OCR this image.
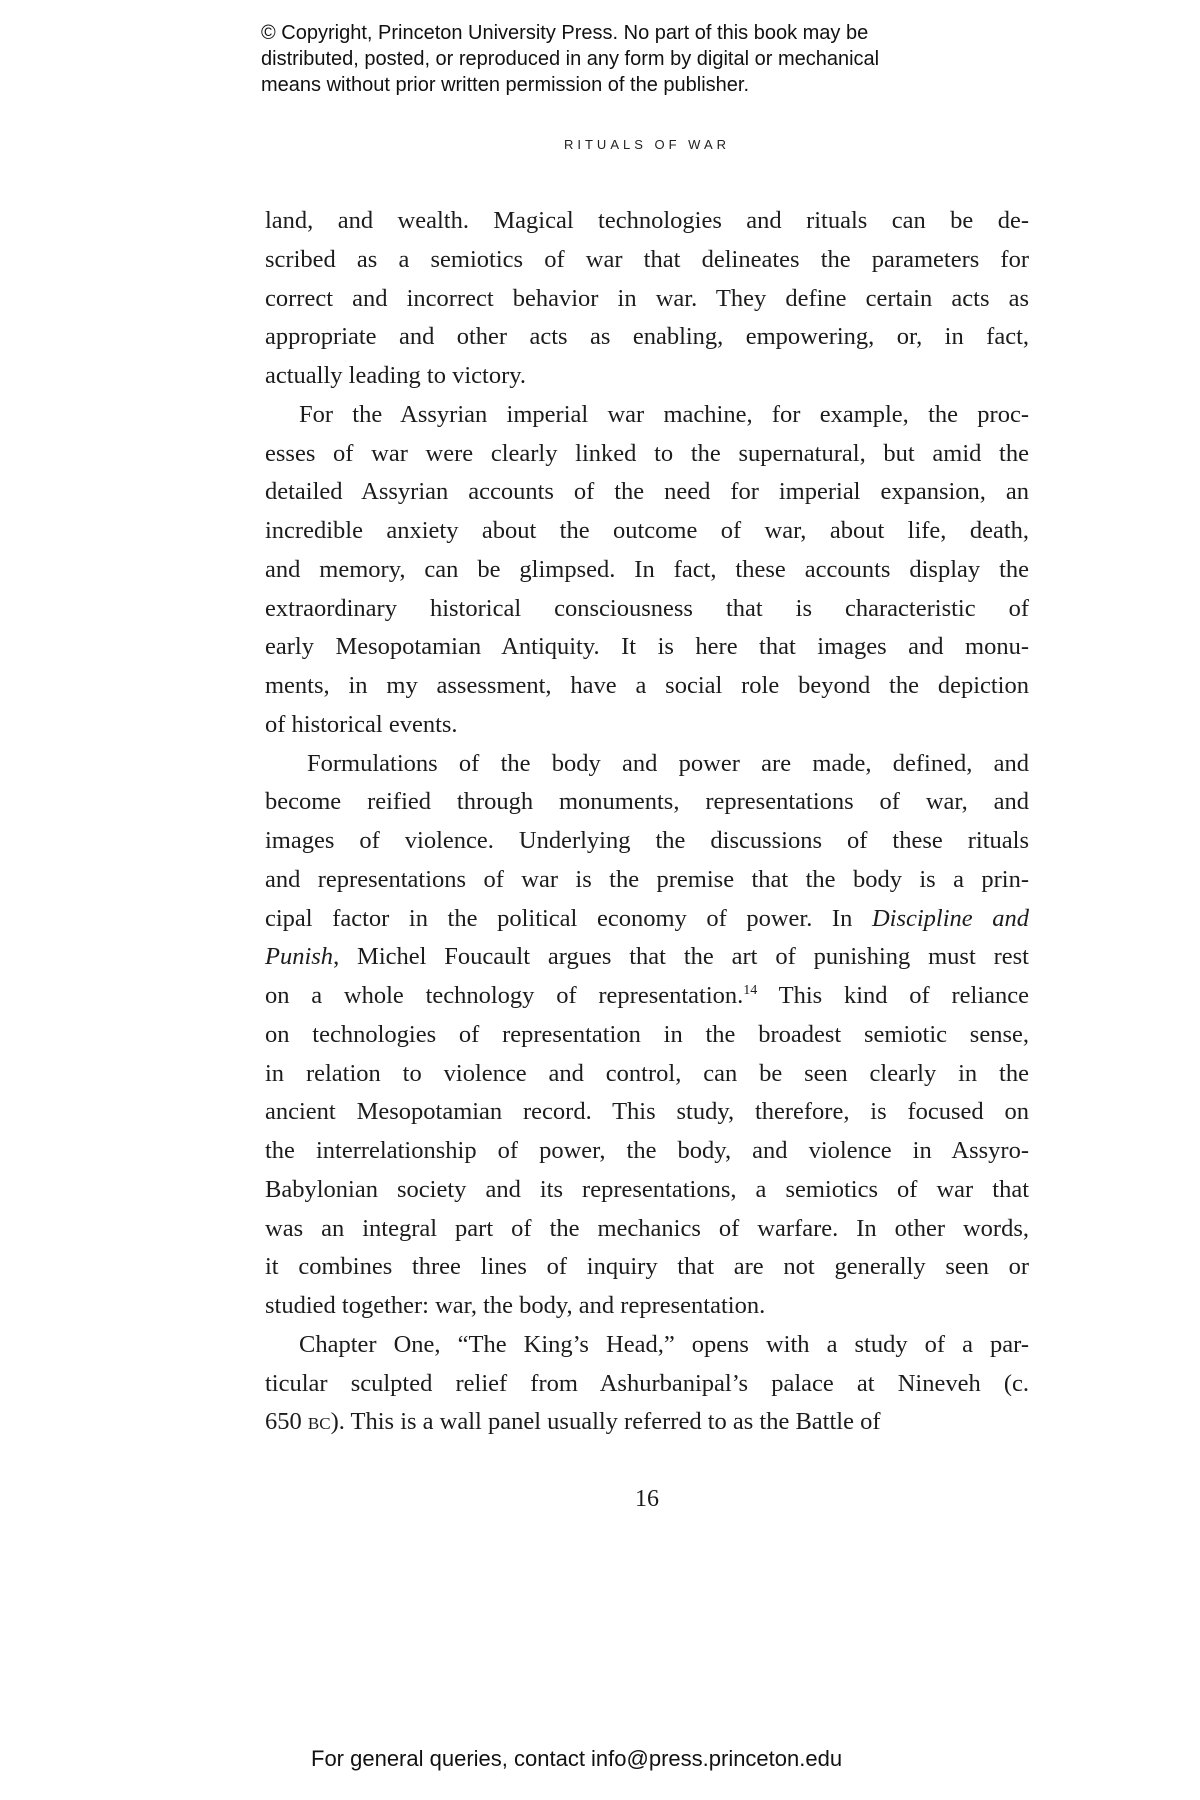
© Copyright, Princeton University Press. No part of this book may be
distributed, posted, or reproduced in any form by digital or mechanical
means without prior written permission of the publisher.
RITUALS OF WAR
land, and wealth. Magical technologies and rituals can be de-
scribed as a semiotics of war that delineates the parameters for
correct and incorrect behavior in war. They define certain acts as
appropriate and other acts as enabling, empowering, or, in fact,
actually leading to victory.
For the Assyrian imperial war machine, for example, the proc-
esses of war were clearly linked to the supernatural, but amid the
detailed Assyrian accounts of the need for imperial expansion, an
incredible anxiety about the outcome of war, about life, death,
and memory, can be glimpsed. In fact, these accounts display the
extraordinary historical consciousness that is characteristic of
early Mesopotamian Antiquity. It is here that images and monu-
ments, in my assessment, have a social role beyond the depiction
of historical events.
Formulations of the body and power are made, defined, and
become reified through monuments, representations of war, and
images of violence. Underlying the discussions of these rituals
and representations of war is the premise that the body is a prin-
cipal factor in the political economy of power. In Discipline and
Punish, Michel Foucault argues that the art of punishing must rest
on a whole technology of representation.$^{14}$ This kind of reliance
on technologies of representation in the broadest semiotic sense,
in relation to violence and control, can be seen clearly in the
ancient Mesopotamian record. This study, therefore, is focused on
the interrelationship of power, the body, and violence in Assyro-
Babylonian society and its representations, a semiotics of war that
was an integral part of the mechanics of warfare. In other words,
it combines three lines of inquiry that are not generally seen or
studied together: war, the body, and representation.
Chapter One, “The King’s Head,” opens with a study of a par-
ticular sculpted relief from Ashurbanipal’s palace at Nineveh (c.
650 bc). This is a wall panel usually referred to as the Battle of
16
For general queries, contact info@press.princeton.edu
